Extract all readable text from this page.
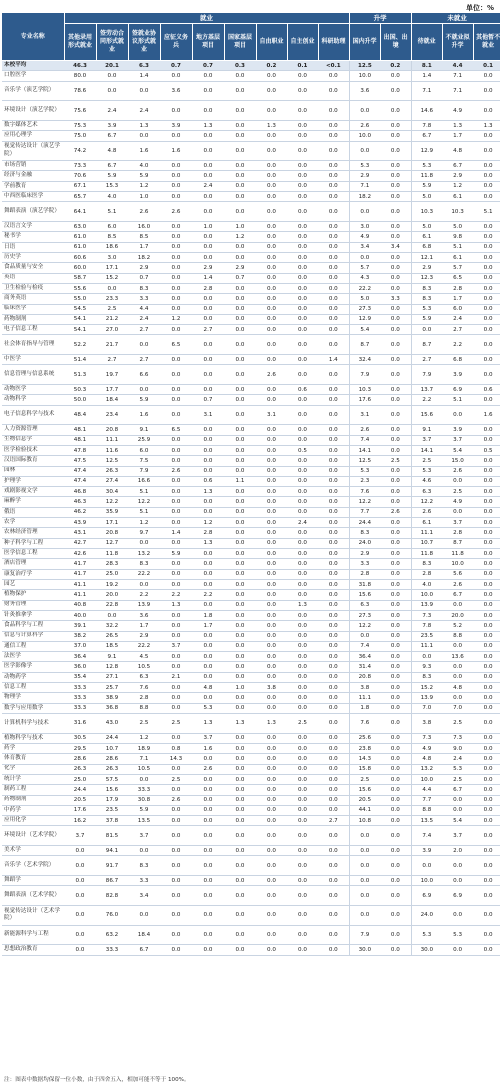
单位：%
专业名称	就业									升学		未就业		
	其他录用形式就业	签劳动合同形式就业	签就业协议形式就业	应征义务兵	地方基层项目	国家基层项目	自由职业	自主创业	科研助理	国内升学	出国、出境	待就业	不就业拟升学	其他暂不就业
本校平均	46.3	20.1	6.3	0.7	0.7	0.3	0.2	0.1	<0.1	12.5	0.2	8.1	4.4	0.1
口腔医学	80.0	0.0	1.4	0.0	0.0	0.0	0.0	0.0	0.0	10.0	0.0	1.4	7.1	0.0
音乐学（演艺学院）	78.6	0.0	0.0	3.6	0.0	0.0	0.0	0.0	0.0	3.6	0.0	7.1	7.1	0.0
环境设计（演艺学院）	75.6	2.4	2.4	0.0	0.0	0.0	0.0	0.0	0.0	0.0	0.0	14.6	4.9	0.0
数字媒体艺术	75.3	3.9	1.3	3.9	1.3	0.0	1.3	0.0	0.0	2.6	0.0	7.8	1.3	1.3
应用心理学	75.0	6.7	0.0	0.0	0.0	0.0	0.0	0.0	0.0	10.0	0.0	6.7	1.7	0.0
视觉传达设计（演艺学院）	74.2	4.8	1.6	1.6	0.0	0.0	0.0	0.0	0.0	0.0	0.0	12.9	4.8	0.0
市场营销	73.3	6.7	4.0	0.0	0.0	0.0	0.0	0.0	0.0	5.3	0.0	5.3	6.7	0.0
经济与金融	70.6	5.9	5.9	0.0	0.0	0.0	0.0	0.0	0.0	2.9	0.0	11.8	2.9	0.0
学前教育	67.1	15.3	1.2	0.0	2.4	0.0	0.0	0.0	0.0	7.1	0.0	5.9	1.2	0.0
中西医临床医学	65.7	4.0	1.0	0.0	0.0	0.0	0.0	0.0	0.0	18.2	0.0	5.0	6.1	0.0
舞蹈表演（演艺学院）	64.1	5.1	2.6	2.6	0.0	0.0	0.0	0.0	0.0	0.0	0.0	10.3	10.3	5.1
汉语言文学	63.0	6.0	16.0	0.0	1.0	1.0	0.0	0.0	0.0	3.0	0.0	5.0	5.0	0.0
秘书学	61.0	8.5	8.5	0.0	0.0	1.2	0.0	0.0	0.0	4.9	0.0	6.1	9.8	0.0
日语	61.0	18.6	1.7	0.0	0.0	0.0	0.0	0.0	0.0	3.4	3.4	6.8	5.1	0.0
历史学	60.6	3.0	18.2	0.0	0.0	0.0	0.0	0.0	0.0	0.0	0.0	12.1	6.1	0.0
食品质量与安全	60.0	17.1	2.9	0.0	2.9	2.9	0.0	0.0	0.0	5.7	0.0	2.9	5.7	0.0
英语	58.7	15.2	0.7	0.0	1.4	0.7	0.0	0.0	0.0	4.3	0.0	12.3	6.5	0.0
卫生检验与检疫	55.6	0.0	8.3	0.0	2.8	0.0	0.0	0.0	0.0	22.2	0.0	8.3	2.8	0.0
商务英语	55.0	23.3	3.3	0.0	0.0	0.0	0.0	0.0	0.0	5.0	3.3	8.3	1.7	0.0
临床医学	54.5	2.5	4.4	0.0	0.0	0.0	0.0	0.0	0.0	27.3	0.0	5.3	6.0	0.0
药物制剂	54.1	21.2	2.4	1.2	0.0	0.0	0.0	0.0	0.0	12.9	0.0	5.9	2.4	0.0
电子信息工程	54.1	27.0	2.7	0.0	2.7	0.0	0.0	0.0	0.0	5.4	0.0	0.0	2.7	0.0
社会体育指导与管理	52.2	21.7	0.0	6.5	0.0	0.0	0.0	0.0	0.0	8.7	0.0	8.7	2.2	0.0
中医学	51.4	2.7	2.7	0.0	0.0	0.0	0.0	0.0	1.4	32.4	0.0	2.7	6.8	0.0
信息管理与信息系统	51.3	19.7	6.6	0.0	0.0	0.0	2.6	0.0	0.0	7.9	0.0	7.9	3.9	0.0
动物医学	50.3	17.7	0.0	0.0	0.0	0.0	0.0	0.6	0.0	10.3	0.0	13.7	6.9	0.6
动物科学	50.0	18.4	5.9	0.0	0.7	0.0	0.0	0.0	0.0	17.6	0.0	2.2	5.1	0.0
电子信息科学与技术	48.4	23.4	1.6	0.0	3.1	0.0	3.1	0.0	0.0	3.1	0.0	15.6	0.0	1.6
人力资源管理	48.1	20.8	9.1	6.5	0.0	0.0	0.0	0.0	0.0	2.6	0.0	9.1	3.9	0.0
生物信息学	48.1	11.1	25.9	0.0	0.0	0.0	0.0	0.0	0.0	7.4	0.0	3.7	3.7	0.0
医学检验技术	47.8	11.6	6.0	0.0	0.0	0.0	0.0	0.5	0.0	14.1	0.0	14.1	5.4	0.5
汉语国际教育	47.5	12.5	7.5	0.0	0.0	0.0	0.0	0.0	0.0	12.5	2.5	2.5	15.0	0.0
园林	47.4	26.3	7.9	2.6	0.0	0.0	0.0	0.0	0.0	5.3	0.0	5.3	2.6	0.0
护理学	47.4	27.4	16.6	0.0	0.6	1.1	0.0	0.0	0.0	2.3	0.0	4.6	0.0	0.0
戏剧影视文学	46.8	30.4	5.1	0.0	1.3	0.0	0.0	0.0	0.0	7.6	0.0	6.3	2.5	0.0
麻醉学	46.3	12.2	12.2	0.0	0.0	0.0	0.0	0.0	0.0	12.2	0.0	12.2	4.9	0.0
俄语	46.2	35.9	5.1	0.0	0.0	0.0	0.0	0.0	0.0	7.7	2.6	2.6	0.0	0.0
农学	43.9	17.1	1.2	0.0	1.2	0.0	0.0	2.4	0.0	24.4	0.0	6.1	3.7	0.0
农林经济管理	43.1	20.8	9.7	1.4	2.8	0.0	0.0	0.0	0.0	8.3	0.0	11.1	2.8	0.0
种子科学与工程	42.7	12.7	0.0	0.0	1.3	0.0	0.0	0.0	0.0	24.0	0.0	10.7	8.7	0.0
医学信息工程	42.6	11.8	13.2	5.9	0.0	0.0	0.0	0.0	0.0	2.9	0.0	11.8	11.8	0.0
酒店管理	41.7	28.3	8.3	0.0	0.0	0.0	0.0	0.0	0.0	3.3	0.0	8.3	10.0	0.0
康复治疗学	41.7	25.0	22.2	0.0	0.0	0.0	0.0	0.0	0.0	2.8	0.0	2.8	5.6	0.0
园艺	41.1	19.2	0.0	0.0	0.0	0.0	0.0	0.0	0.0	31.8	0.0	4.0	2.6	0.0
植物保护	41.1	20.0	2.2	2.2	2.2	0.0	0.0	0.0	0.0	15.6	0.0	10.0	6.7	0.0
财务管理	40.8	22.8	13.9	1.3	0.0	0.0	0.0	1.3	0.0	6.3	0.0	13.9	0.0	0.0
针灸推拿学	40.0	0.0	3.6	0.0	1.8	0.0	0.0	0.0	0.0	27.3	0.0	7.3	20.0	0.0
食品科学与工程	39.1	32.2	1.7	0.0	1.7	0.0	0.0	0.0	0.0	12.2	0.0	7.8	5.2	0.0
信息与计算科学	38.2	26.5	2.9	0.0	0.0	0.0	0.0	0.0	0.0	0.0	0.0	23.5	8.8	0.0
通信工程	37.0	18.5	22.2	3.7	0.0	0.0	0.0	0.0	0.0	7.4	0.0	11.1	0.0	0.0
法医学	36.4	9.1	4.5	0.0	0.0	0.0	0.0	0.0	0.0	36.4	0.0	0.0	13.6	0.0
医学影像学	36.0	12.8	10.5	0.0	0.0	0.0	0.0	0.0	0.0	31.4	0.0	9.3	0.0	0.0
动物药学	35.4	27.1	6.3	2.1	0.0	0.0	0.0	0.0	0.0	20.8	0.0	8.3	0.0	0.0
信息工程	33.3	25.7	7.6	0.0	4.8	1.0	3.8	0.0	0.0	3.8	0.0	15.2	4.8	0.0
物理学	33.3	38.9	2.8	0.0	0.0	0.0	0.0	0.0	0.0	11.1	0.0	13.9	0.0	0.0
数学与应用数学	33.3	36.8	8.8	0.0	5.3	0.0	0.0	0.0	0.0	1.8	0.0	7.0	7.0	0.0
计算机科学与技术	31.6	43.0	2.5	2.5	1.3	1.3	1.3	2.5	0.0	7.6	0.0	3.8	2.5	0.0
植物科学与技术	30.5	24.4	1.2	0.0	3.7	0.0	0.0	0.0	0.0	25.6	0.0	7.3	7.3	0.0
药学	29.5	10.7	18.9	0.8	1.6	0.0	0.0	0.0	0.0	23.8	0.0	4.9	9.0	0.0
体育教育	28.6	28.6	7.1	14.3	0.0	0.0	0.0	0.0	0.0	14.3	0.0	4.8	2.4	0.0
化学	26.3	26.3	10.5	0.0	2.6	0.0	0.0	0.0	0.0	15.8	0.0	13.2	5.3	0.0
统计学	25.0	57.5	0.0	2.5	0.0	0.0	0.0	0.0	0.0	2.5	0.0	10.0	2.5	0.0
制药工程	24.4	15.6	33.3	0.0	0.0	0.0	0.0	0.0	0.0	15.6	0.0	4.4	6.7	0.0
药物制剂	20.5	17.9	30.8	2.6	0.0	0.0	0.0	0.0	0.0	20.5	0.0	7.7	0.0	0.0
中药学	17.6	23.5	5.9	0.0	0.0	0.0	0.0	0.0	0.0	44.1	0.0	8.8	0.0	0.0
应用化学	16.2	37.8	13.5	0.0	0.0	0.0	0.0	0.0	2.7	10.8	0.0	13.5	5.4	0.0
环境设计（艺术学院）	3.7	81.5	3.7	0.0	0.0	0.0	0.0	0.0	0.0	0.0	0.0	7.4	3.7	0.0
美术学	0.0	94.1	0.0	0.0	0.0	0.0	0.0	0.0	0.0	0.0	0.0	3.9	2.0	0.0
音乐学（艺术学院）	0.0	91.7	8.3	0.0	0.0	0.0	0.0	0.0	0.0	0.0	0.0	0.0	0.0	0.0
舞蹈学	0.0	86.7	3.3	0.0	0.0	0.0	0.0	0.0	0.0	0.0	0.0	10.0	0.0	0.0
舞蹈表演（艺术学院）	0.0	82.8	3.4	0.0	0.0	0.0	0.0	0.0	0.0	0.0	0.0	6.9	6.9	0.0
视觉传达设计（艺术学院）	0.0	76.0	0.0	0.0	0.0	0.0	0.0	0.0	0.0	0.0	0.0	24.0	0.0	0.0
新能源科学与工程	0.0	63.2	18.4	0.0	0.0	0.0	0.0	0.0	0.0	7.9	0.0	5.3	5.3	0.0
思想政治教育	0.0	33.3	6.7	0.0	0.0	0.0	0.0	0.0	0.0	30.0	0.0	30.0	0.0	0.0
注：图表中数据均保留一位小数，由于四舍五入，相加可能不等于 100%。
